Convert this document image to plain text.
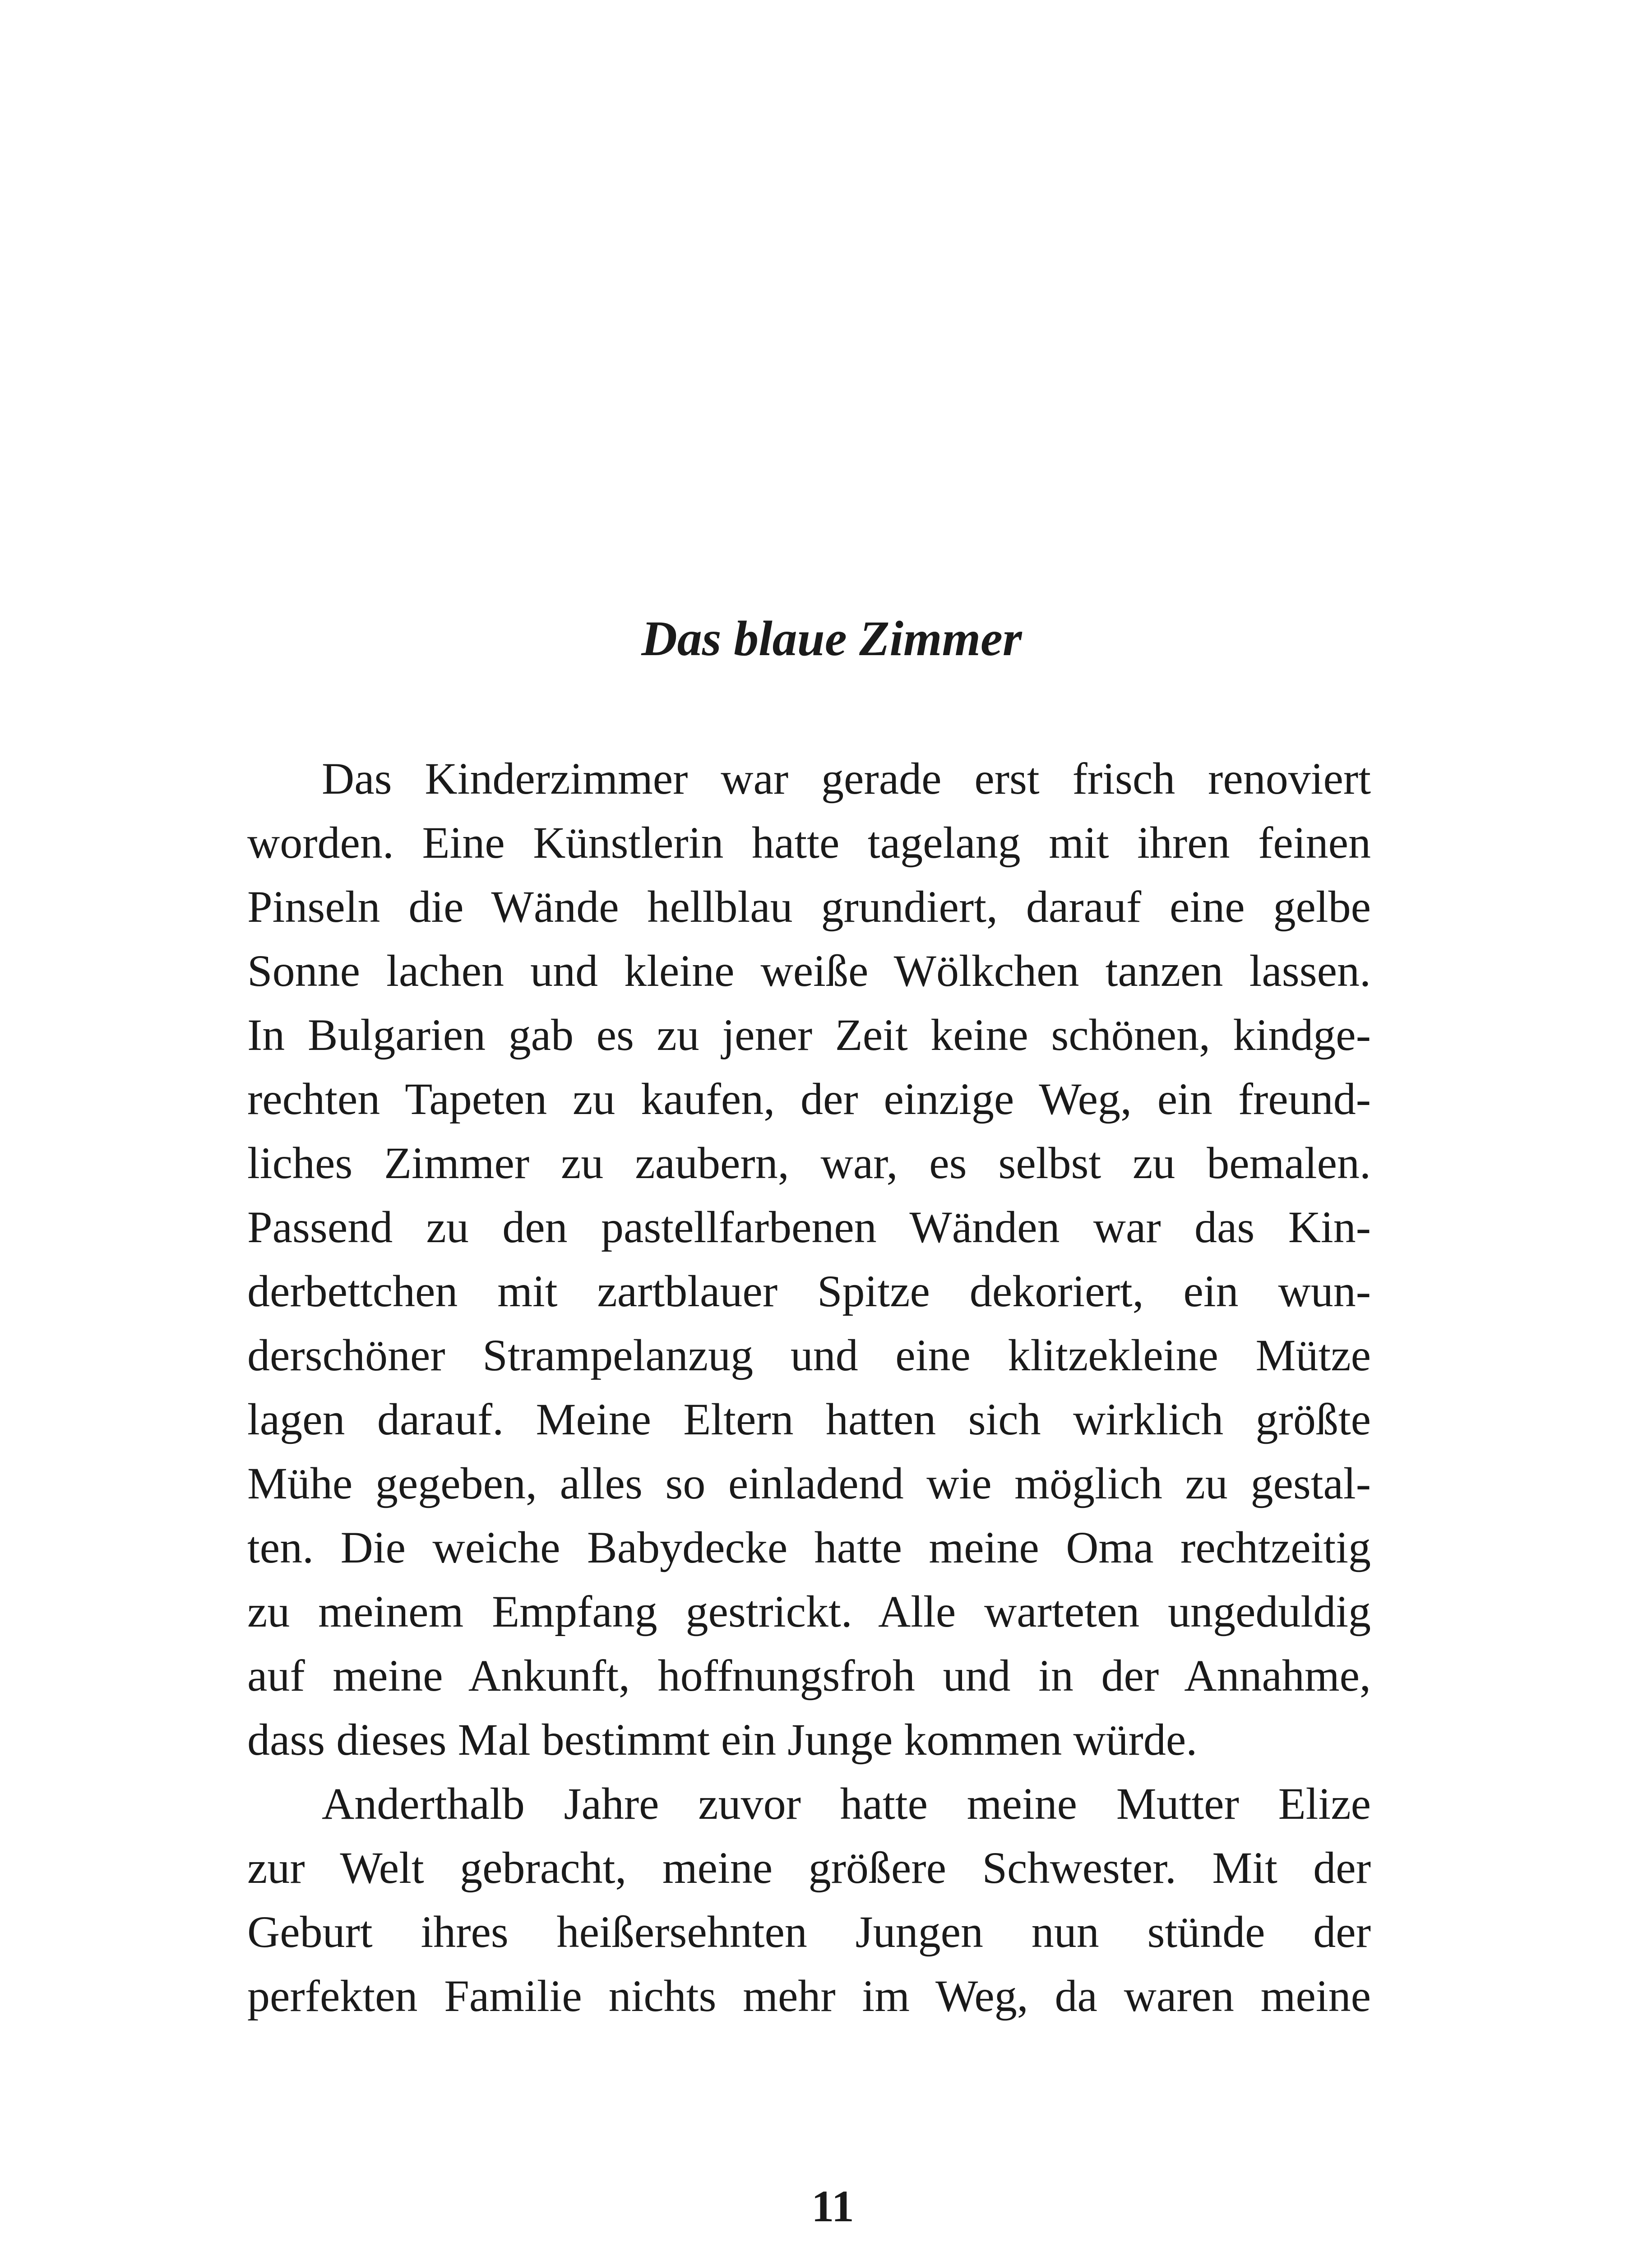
Das blaue Zimmer
Das Kinderzimmer war gerade erst frisch renoviert
worden. Eine Künstlerin hatte tagelang mit ihren feinen
Pinseln die Wände hellblau grundiert, darauf eine gelbe
Sonne lachen und kleine weiße Wölkchen tanzen lassen.
In Bulgarien gab es zu jener Zeit keine schönen, kindge-
rechten Tapeten zu kaufen, der einzige Weg, ein freund-
liches Zimmer zu zaubern, war, es selbst zu bemalen.
Passend zu den pastellfarbenen Wänden war das Kin-
derbettchen mit zartblauer Spitze dekoriert, ein wun-
derschöner Strampelanzug und eine klitzekleine Mütze
lagen darauf. Meine Eltern hatten sich wirklich größte
Mühe gegeben, alles so einladend wie möglich zu gestal-
ten. Die weiche Babydecke hatte meine Oma rechtzeitig
zu meinem Empfang gestrickt. Alle warteten ungeduldig
auf meine Ankunft, hoffnungsfroh und in der Annahme,
dass dieses Mal bestimmt ein Junge kommen würde.
Anderthalb Jahre zuvor hatte meine Mutter Elize
zur Welt gebracht, meine größere Schwester. Mit der
Geburt ihres heißersehnten Jungen nun stünde der
perfekten Familie nichts mehr im Weg, da waren meine
11
